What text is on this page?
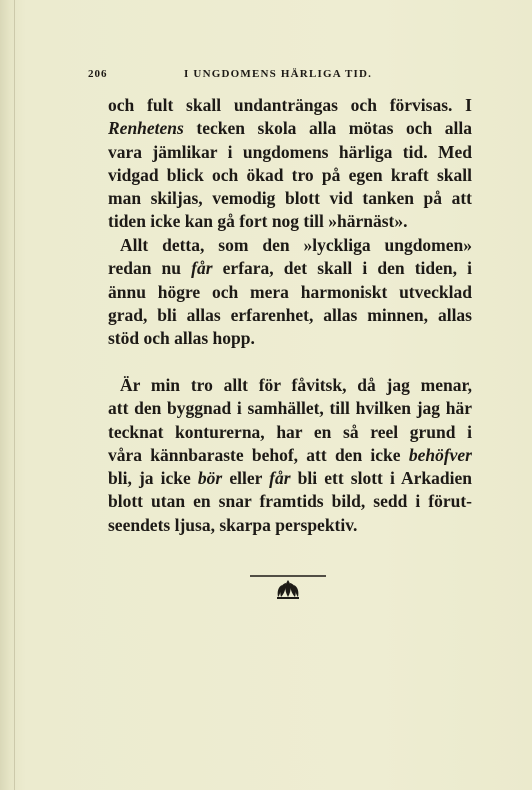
206	I UNGDOMENS HÄRLIGA TID.
och fult skall undanträngas och förvisas. I
Renhetens tecken skola alla mötas och alla
vara jämlikar i ungdomens härliga tid. Med
vidgad blick och ökad tro på egen kraft skall
man skiljas, vemodig blott vid tanken på att
tiden icke kan gå fort nog till »härnäst».
Allt detta, som den »lyckliga ungdomen»
redan nu får erfara, det skall i den tiden, i
ännu högre och mera harmoniskt utvecklad
grad, bli allas erfarenhet, allas minnen, allas
stöd och allas hopp.
Är min tro allt för fåvitsk, då jag menar,
att den byggnad i samhället, till hvilken jag här
tecknat konturerna, har en så reel grund i
våra kännbaraste behof, att den icke behöfver
bli, ja icke bör eller får bli ett slott i Arkadien
blott utan en snar framtids bild, sedd i förut-
seendets ljusa, skarpa perspektiv.
